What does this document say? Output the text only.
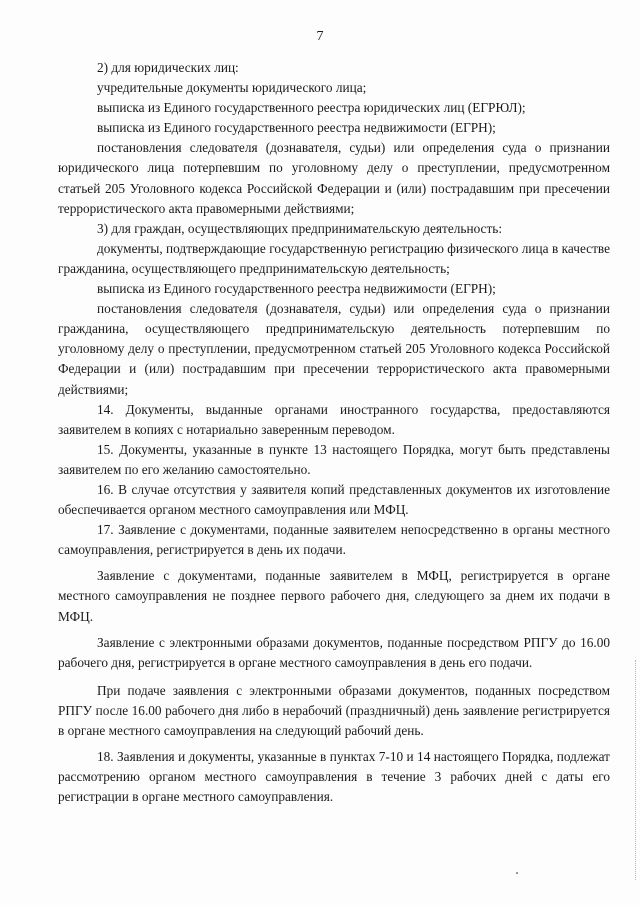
7

2) для юридических лиц:

учредительные документы юридического лица;

выписка из Единого государственного реестра юридических лиц (ЕГРЮЛ);

выписка из Единого государственного реестра недвижимости (ЕГРН);

постановления следователя (дознавателя, судьи) или определения суда о признании юридического лица потерпевшим по уголовному делу о преступлении, предусмотренном статьей 205 Уголовного кодекса Российской Федерации и (или) пострадавшим при пресечении террористического акта правомерными действиями;

3) для граждан, осуществляющих предпринимательскую деятельность:

документы, подтверждающие государственную регистрацию физического лица в качестве гражданина, осуществляющего предпринимательскую деятельность;

выписка из Единого государственного реестра недвижимости (ЕГРН);

постановления следователя (дознавателя, судьи) или определения суда о признании гражданина, осуществляющего предпринимательскую деятельность потерпевшим по уголовному делу о преступлении, предусмотренном статьей 205 Уголовного кодекса Российской Федерации и (или) пострадавшим при пресечении террористического акта правомерными действиями;

14. Документы, выданные органами иностранного государства, предоставляются заявителем в копиях с нотариально заверенным переводом.

15. Документы, указанные в пункте 13 настоящего Порядка, могут быть представлены заявителем по его желанию самостоятельно.

16. В случае отсутствия у заявителя копий представленных документов их изготовление обеспечивается органом местного самоуправления или МФЦ.

17. Заявление с документами, поданные заявителем непосредственно в органы местного самоуправления, регистрируется в день их подачи.

Заявление с документами, поданные заявителем в МФЦ, регистрируется в органе местного самоуправления не позднее первого рабочего дня, следующего за днем их подачи в МФЦ.

Заявление с электронными образами документов, поданные посредством РПГУ до 16.00 рабочего дня, регистрируется в органе местного самоуправления в день его подачи.

При подаче заявления с электронными образами документов, поданных посредством РПГУ после 16.00 рабочего дня либо в нерабочий (праздничный) день заявление регистрируется в органе местного самоуправления на следующий рабочий день.

18. Заявления и документы, указанные в пунктах 7-10 и 14 настоящего Порядка, подлежат рассмотрению органом местного самоуправления в течение 3 рабочих дней с даты его регистрации в органе местного самоуправления.
